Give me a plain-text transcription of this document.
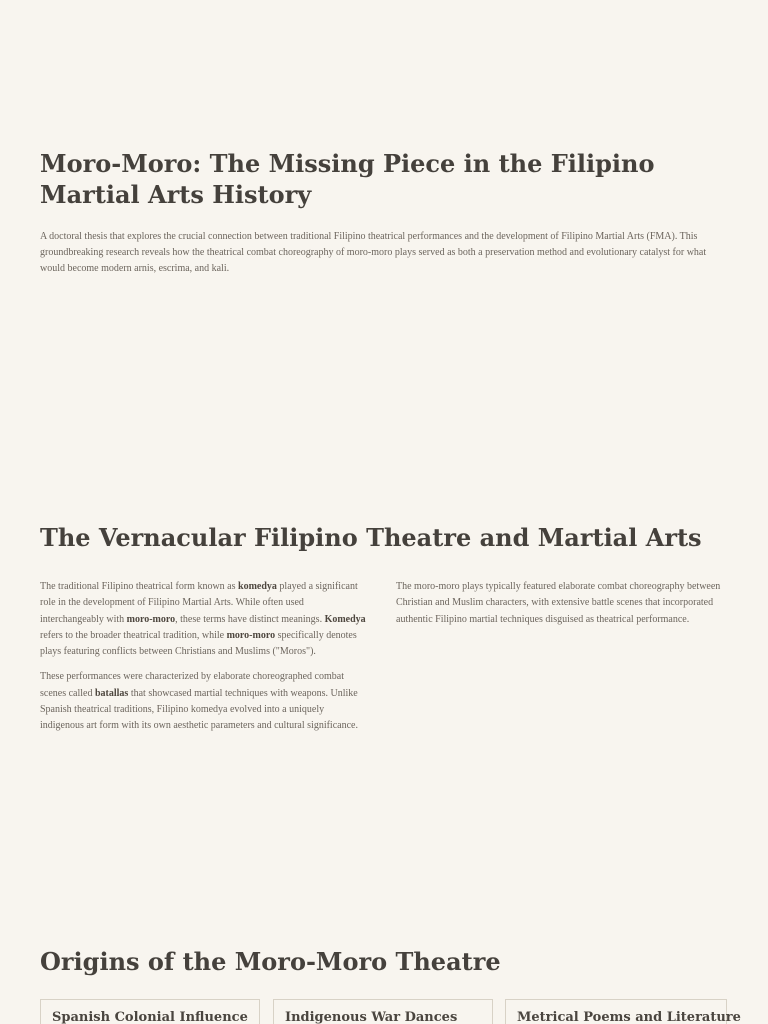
Moro-Moro: The Missing Piece in the Filipino Martial Arts History

A doctoral thesis that explores the crucial connection between traditional Filipino theatrical performances and the development of Filipino Martial Arts (FMA). This groundbreaking research reveals how the theatrical combat choreography of moro-moro plays served as both a preservation method and evolutionary catalyst for what would become modern arnis, escrima, and kali.

The Vernacular Filipino Theatre and Martial Arts

The traditional Filipino theatrical form known as komedya played a significant role in the development of Filipino Martial Arts. While often used interchangeably with moro-moro, these terms have distinct meanings. Komedya refers to the broader theatrical tradition, while moro-moro specifically denotes plays featuring conflicts between Christians and Muslims ("Moros").

These performances were characterized by elaborate choreographed combat scenes called batallas that showcased martial techniques with weapons. Unlike Spanish theatrical traditions, Filipino komedya evolved into a uniquely indigenous art form with its own aesthetic parameters and cultural significance.

The moro-moro plays typically featured elaborate combat choreography between Christian and Muslim characters, with extensive battle scenes that incorporated authentic Filipino martial techniques disguised as theatrical performance.

Origins of the Moro-Moro Theatre
Spanish Colonial Influence	Indigenous War Dances	Metrical Poems and Literature
